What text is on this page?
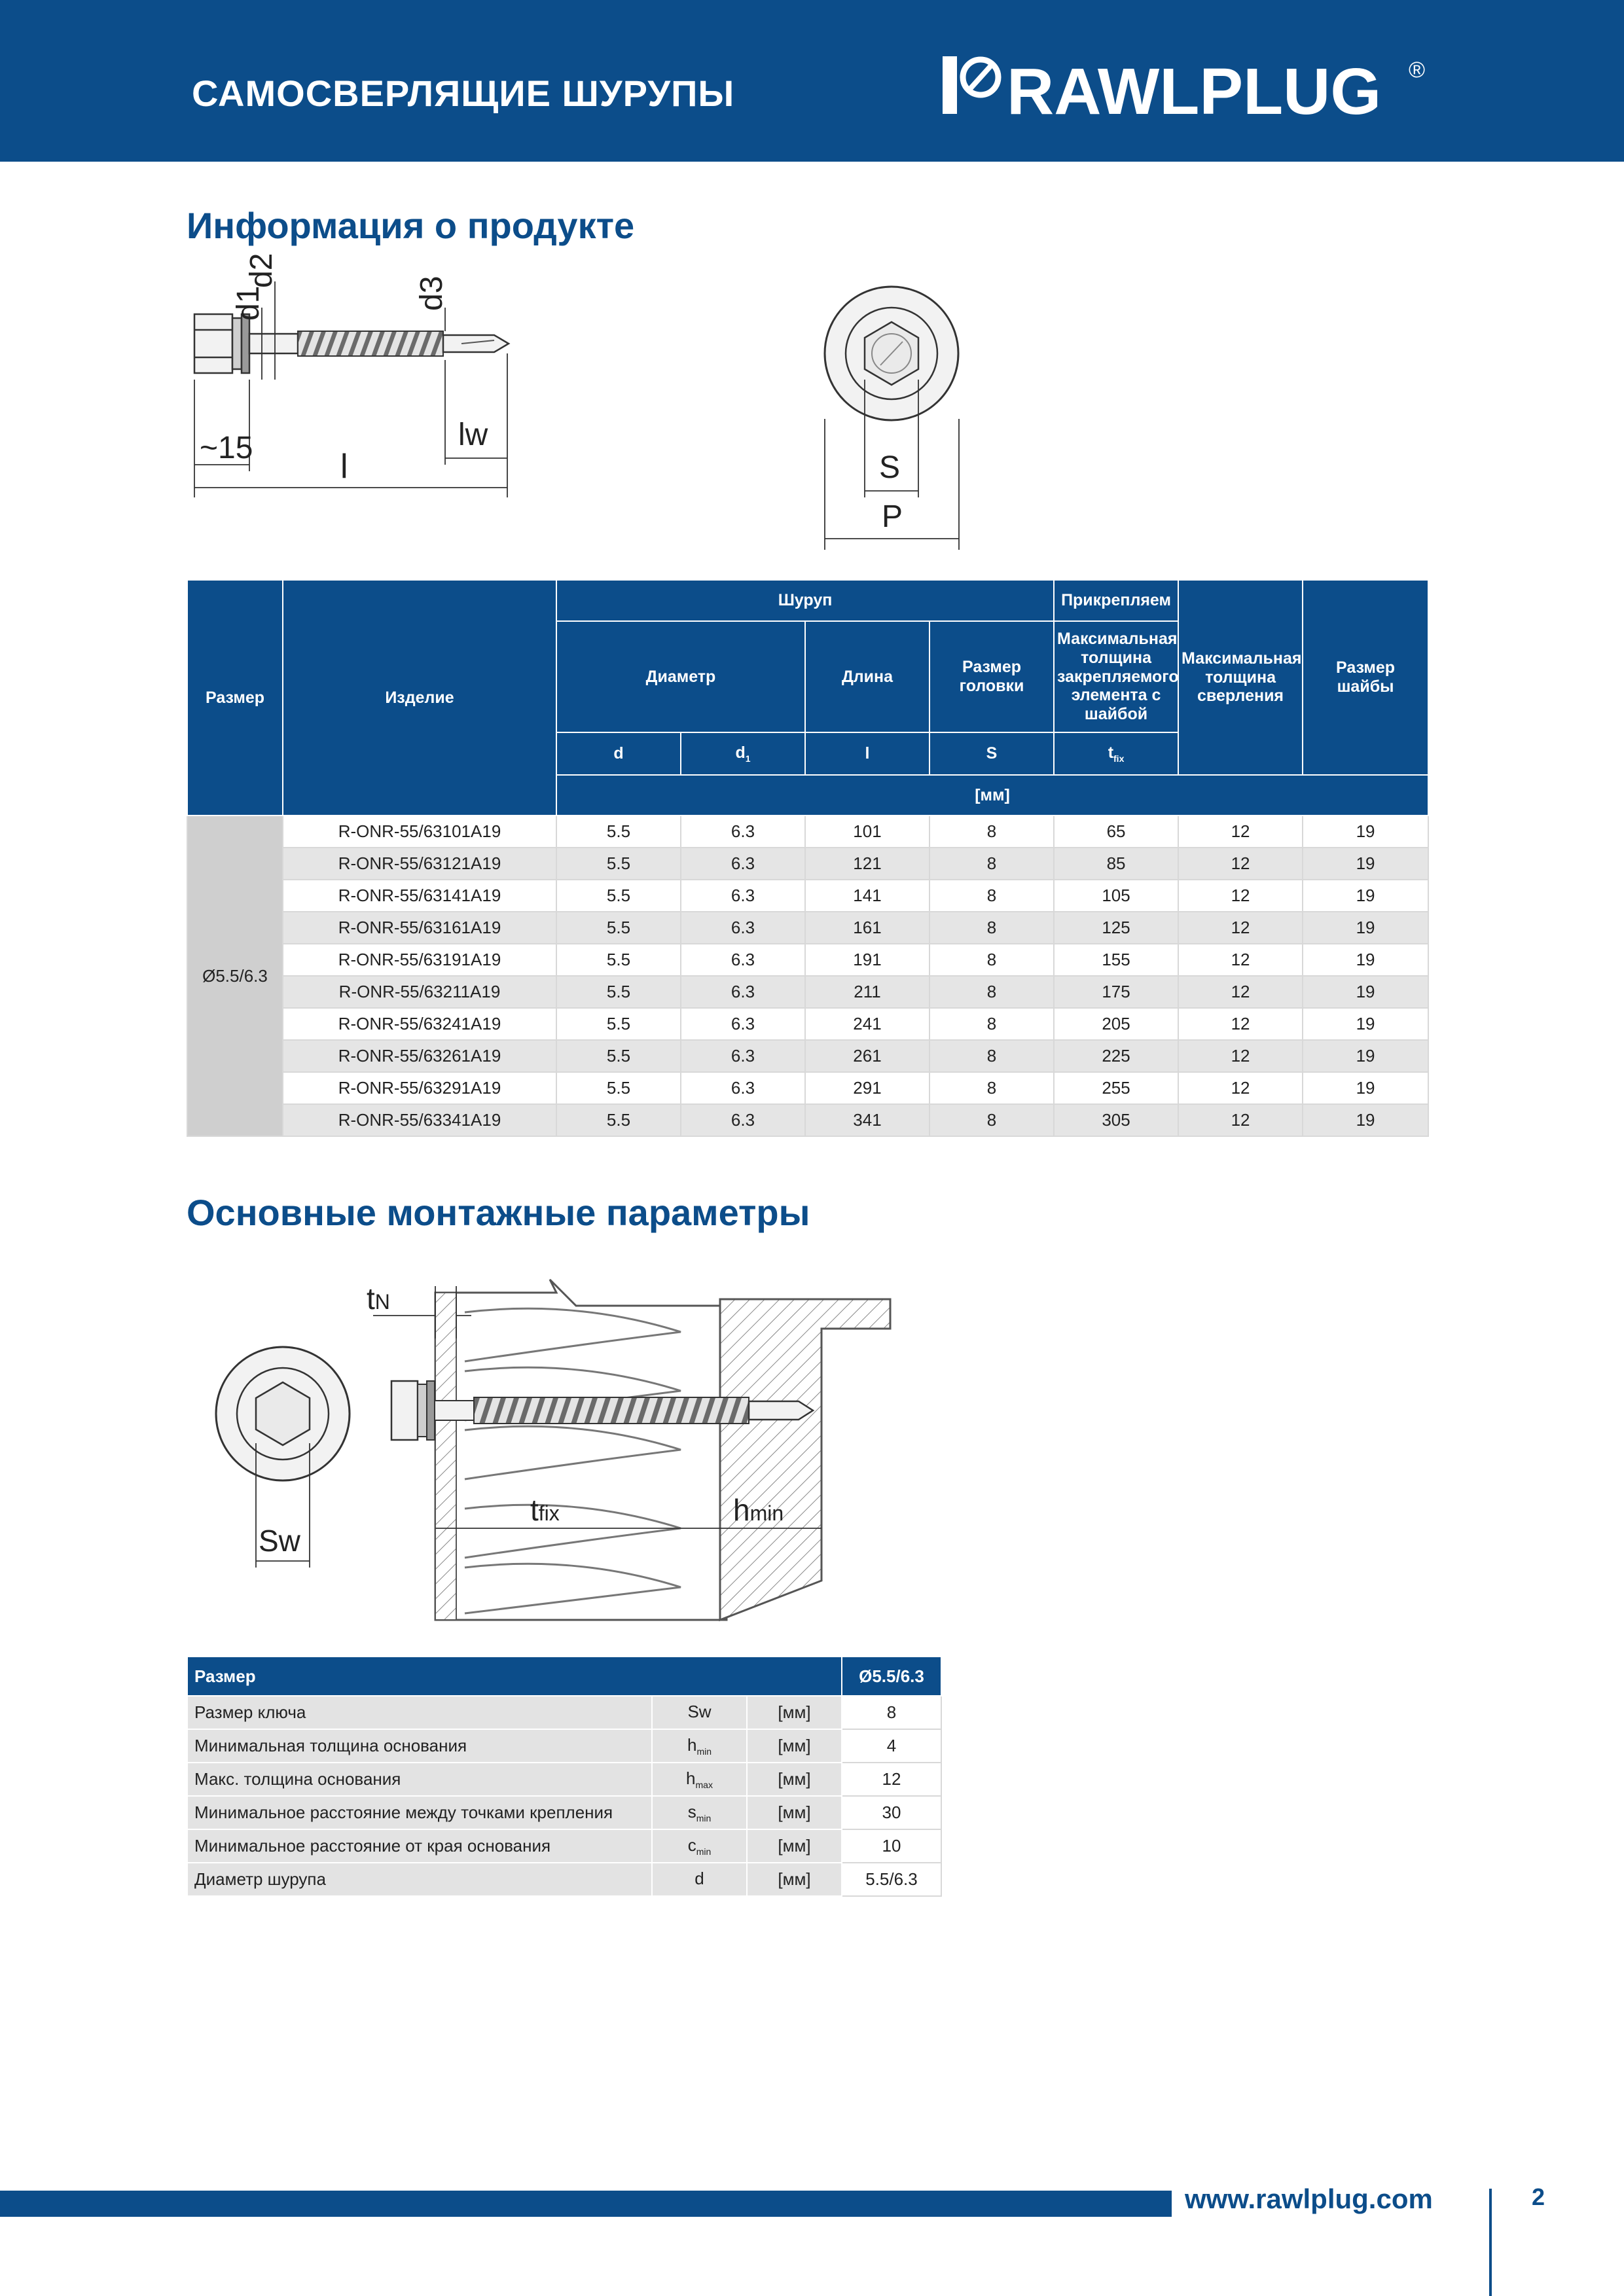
САМОСВЕРЛЯЩИЕ ШУРУПЫ	RAWLPLUG ®
Информация о продукте
d1
d2
d3
~15	l
lw
S
P
Размер	Изделие	Шуруп				Прикрепляем	Максимальная толщина сверления	Размер шайбы
		Диаметр		Длина	Размер головки	Максимальная толщина закрепляемого элемента с шайбой		
		d	$d_1$	l	S	$t_{fix}$
		[мм]						
Ø5.5/6.3	R-ONR-55/63101A19	5.5	6.3	101	8	65	12	19
	R-ONR-55/63121A19	5.5	6.3	121	8	85	12	19
	R-ONR-55/63141A19	5.5	6.3	141	8	105	12	19
	R-ONR-55/63161A19	5.5	6.3	161	8	125	12	19
	R-ONR-55/63191A19	5.5	6.3	191	8	155	12	19
	R-ONR-55/63211A19	5.5	6.3	211	8	175	12	19
	R-ONR-55/63241A19	5.5	6.3	241	8	205	12	19
	R-ONR-55/63261A19	5.5	6.3	261	8	225	12	19
	R-ONR-55/63291A19	5.5	6.3	291	8	255	12	19
	R-ONR-55/63341A19	5.5	6.3	341	8	305	12	19
Основные монтажные параметры
tN
tfix	hmin
Sw
Размер			Ø5.5/6.3
Размер ключа	Sw	[мм]	8
Минимальная толщина основания	$h_{min}$	[мм]	4
Макс. толщина основания	$h_{max}$	[мм]	12
Минимальное расстояние между точками крепления	$s_{min}$	[мм]	30
Минимальное расстояние от края основания	$c_{min}$	[мм]	10
Диаметр шурупа	d	[мм]	5.5/6.3
www.rawlplug.com	2
